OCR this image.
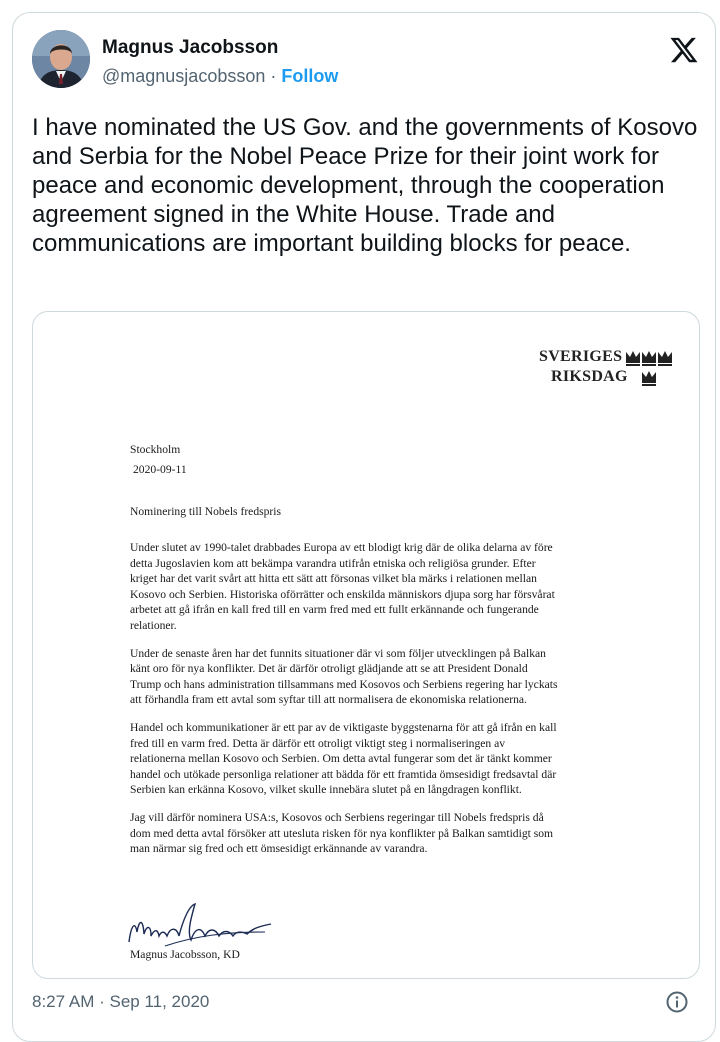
Magnus Jacobsson
@magnusjacobsson · Follow

I have nominated the US Gov. and the governments of Kosovo and Serbia for the Nobel Peace Prize for their joint work for peace and economic development, through the cooperation agreement signed in the White House. Trade and communications are important building blocks for peace.

SVERIGES
RIKSDAG
Stockholm
2020-09-11
Nominering till Nobels fredspris

Under slutet av 1990-talet drabbades Europa av ett blodigt krig där de olika delarna av före detta Jugoslavien kom att bekämpa varandra utifrån etniska och religiösa grunder. Efter kriget har det varit svårt att hitta ett sätt att försonas vilket bla märks i relationen mellan Kosovo och Serbien. Historiska oförrätter och enskilda människors djupa sorg har försvårat arbetet att gå ifrån en kall fred till en varm fred med ett fullt erkännande och fungerande relationer.

Under de senaste åren har det funnits situationer där vi som följer utvecklingen på Balkan känt oro för nya konflikter. Det är därför otroligt glädjande att se att President Donald Trump och hans administration tillsammans med Kosovos och Serbiens regering har lyckats att förhandla fram ett avtal som syftar till att normalisera de ekonomiska relationerna.

Handel och kommunikationer är ett par av de viktigaste byggstenarna för att gå ifrån en kall fred till en varm fred. Detta är därför ett otroligt viktigt steg i normaliseringen av relationerna mellan Kosovo och Serbien. Om detta avtal fungerar som det är tänkt kommer handel och utökade personliga relationer att bädda för ett framtida ömsesidigt fredsavtal där Serbien kan erkänna Kosovo, vilket skulle innebära slutet på en långdragen konflikt.

Jag vill därför nominera USA:s, Kosovos och Serbiens regeringar till Nobels fredspris då dom med detta avtal försöker att utesluta risken för nya konflikter på Balkan samtidigt som man närmar sig fred och ett ömsesidigt erkännande av varandra.

Magnus Jacobsson, KD
8:27 AM · Sep 11, 2020
